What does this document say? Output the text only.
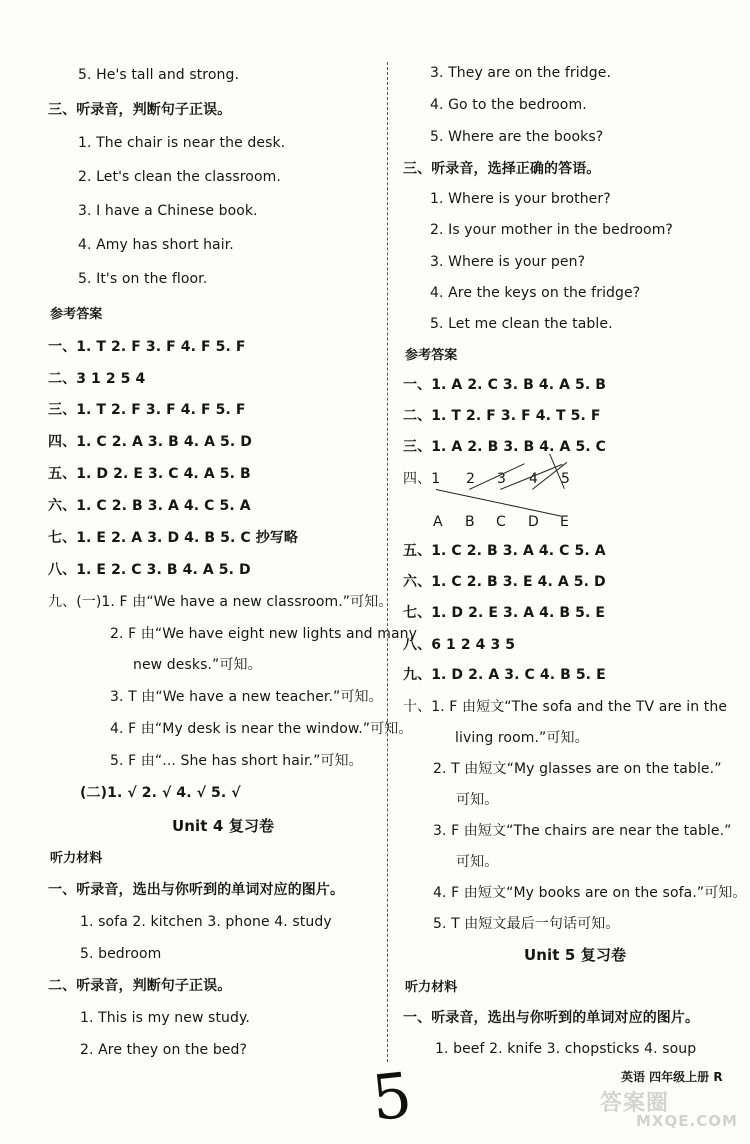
5. He's tall and strong.
三、听录音，判断句子正误。
1. The chair is near the desk.
2. Let's clean the classroom.
3. I have a Chinese book.
4. Amy has short hair.
5. It's on the floor.
参考答案
一、1. T 2. F 3. F 4. F 5. F
二、3 1 2 5 4
三、1. T 2. F 3. F 4. F 5. F
四、1. C 2. A 3. B 4. A 5. D
五、1. D 2. E 3. C 4. A 5. B
六、1. C 2. B 3. A 4. C 5. A
七、1. E 2. A 3. D 4. B 5. C 抄写略
八、1. E 2. C 3. B 4. A 5. D
九、(一)1. F 由“We have a new classroom.”可知。
2. F 由“We have eight new lights and many
new desks.”可知。
3. T 由“We have a new teacher.”可知。
4. F 由“My desk is near the window.”可知。
5. F 由“... She has short hair.”可知。
(二)1. √ 2. √ 4. √ 5. √
Unit 4 复习卷
听力材料
一、听录音，选出与你听到的单词对应的图片。
1. sofa 2. kitchen 3. phone 4. study
5. bedroom
二、听录音，判断句子正误。
1. This is my new study.
2. Are they on the bed?
3. They are on the fridge.
4. Go to the bedroom.
5. Where are the books?
三、听录音，选择正确的答语。
1. Where is your brother?
2. Is your mother in the bedroom?
3. Where is your pen?
4. Are the keys on the fridge?
5. Let me clean the table.
参考答案
一、1. A 2. C 3. B 4. A 5. B
二、1. T 2. F 3. F 4. T 5. F
三、1. A 2. B 3. B 4. A 5. C
四、1 2 3 4 5
A B C D E
五、1. C 2. B 3. A 4. C 5. A
六、1. C 2. B 3. E 4. A 5. D
七、1. D 2. E 3. A 4. B 5. E
八、6 1 2 4 3 5
九、1. D 2. A 3. C 4. B 5. E
十、1. F 由短文“The sofa and the TV are in the
living room.”可知。
2. T 由短文“My glasses are on the table.”
可知。
3. F 由短文“The chairs are near the table.”
可知。
4. F 由短文“My books are on the sofa.”可知。
5. T 由短文最后一句话可知。
Unit 5 复习卷
听力材料
一、听录音，选出与你听到的单词对应的图片。
1. beef 2. knife 3. chopsticks 4. soup
5	英语 四年级上册 R
答案圈
MXQE.COM
